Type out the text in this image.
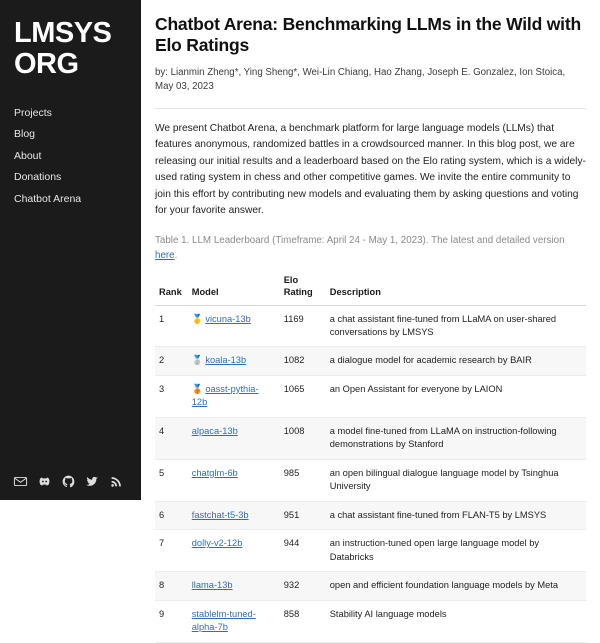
LMSYS
ORG
Projects
Blog
About
Donations
Chatbot Arena
Chatbot Arena: Benchmarking LLMs in the Wild with Elo Ratings
by: Lianmin Zheng*, Ying Sheng*, Wei-Lin Chiang, Hao Zhang, Joseph E. Gonzalez, Ion Stoica, May 03, 2023

We present Chatbot Arena, a benchmark platform for large language models (LLMs) that features anonymous, randomized battles in a crowdsourced manner. In this blog post, we are releasing our initial results and a leaderboard based on the Elo rating system, which is a widely-used rating system in chess and other competitive games. We invite the entire community to join this effort by contributing new models and evaluating them by asking questions and voting for your favorite answer.

Table 1. LLM Leaderboard (Timeframe: April 24 - May 1, 2023). The latest and detailed version here.
Rank	Model	Elo Rating	Description
1	🥇 vicuna-13b	1169	a chat assistant fine-tuned from LLaMA on user-shared conversations by LMSYS
2	🥈 koala-13b	1082	a dialogue model for academic research by BAIR
3	🥉 oasst-pythia-12b	1065	an Open Assistant for everyone by LAION
4	alpaca-13b	1008	a model fine-tuned from LLaMA on instruction-following demonstrations by Stanford
5	chatglm-6b	985	an open bilingual dialogue language model by Tsinghua University
6	fastchat-t5-3b	951	a chat assistant fine-tuned from FLAN-T5 by LMSYS
7	dolly-v2-12b	944	an instruction-tuned open large language model by Databricks
8	llama-13b	932	open and efficient foundation language models by Meta
9	stablelm-tuned-alpha-7b	858	Stability AI language models
